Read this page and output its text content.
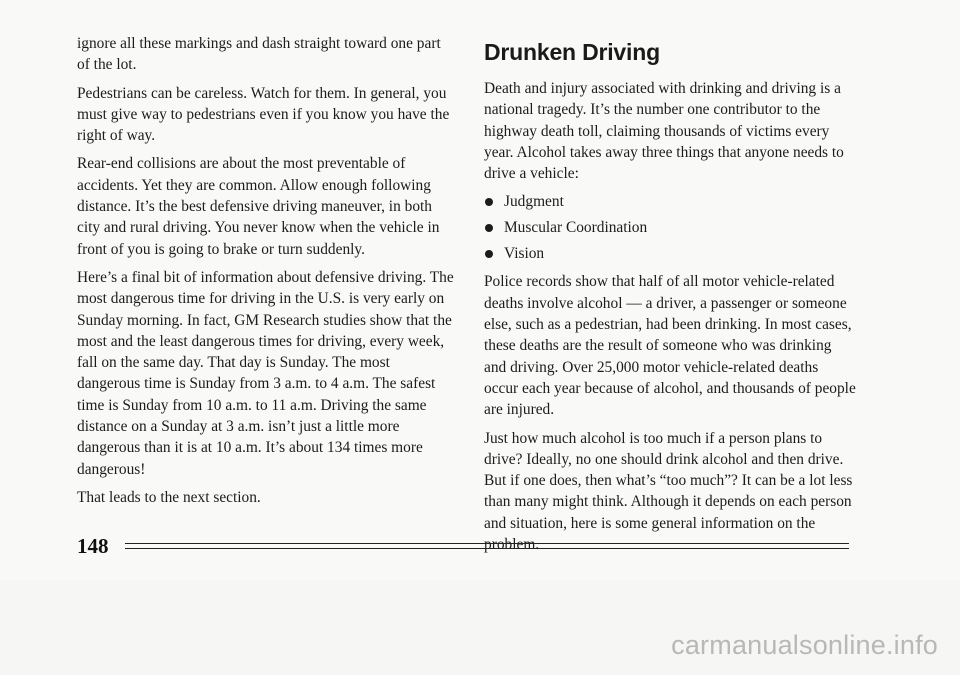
ignore all these markings and dash straight toward one part of the lot.

Pedestrians can be careless. Watch for them. In general, you must give way to pedestrians even if you know you have the right of way.

Rear-end collisions are about the most preventable of accidents. Yet they are common. Allow enough following distance. It’s the best defensive driving maneuver, in both city and rural driving. You never know when the vehicle in front of you is going to brake or turn suddenly.

Here’s a final bit of information about defensive driving. The most dangerous time for driving in the U.S. is very early on Sunday morning. In fact, GM Research studies show that the most and the least dangerous times for driving, every week, fall on the same day. That day is Sunday. The most dangerous time is Sunday from 3 a.m. to 4 a.m. The safest time is Sunday from 10 a.m. to 11 a.m. Driving the same distance on a Sunday at 3 a.m. isn’t just a little more dangerous than it is at 10 a.m. It’s about 134 times more dangerous!

That leads to the next section.

Drunken Driving

Death and injury associated with drinking and driving is a national tragedy. It’s the number one contributor to the highway death toll, claiming thousands of victims every year. Alcohol takes away three things that anyone needs to drive a vehicle:

Judgment
Muscular Coordination
Vision

Police records show that half of all motor vehicle-related deaths involve alcohol — a driver, a passenger or someone else, such as a pedestrian, had been drinking. In most cases, these deaths are the result of someone who was drinking and driving. Over 25,000 motor vehicle-related deaths occur each year because of alcohol, and thousands of people are injured.

Just how much alcohol is too much if a person plans to drive? Ideally, no one should drink alcohol and then drive. But if one does, then what’s “too much”? It can be a lot less than many might think. Although it depends on each person and situation, here is some general information on the problem.

148
carmanualsonline.info
